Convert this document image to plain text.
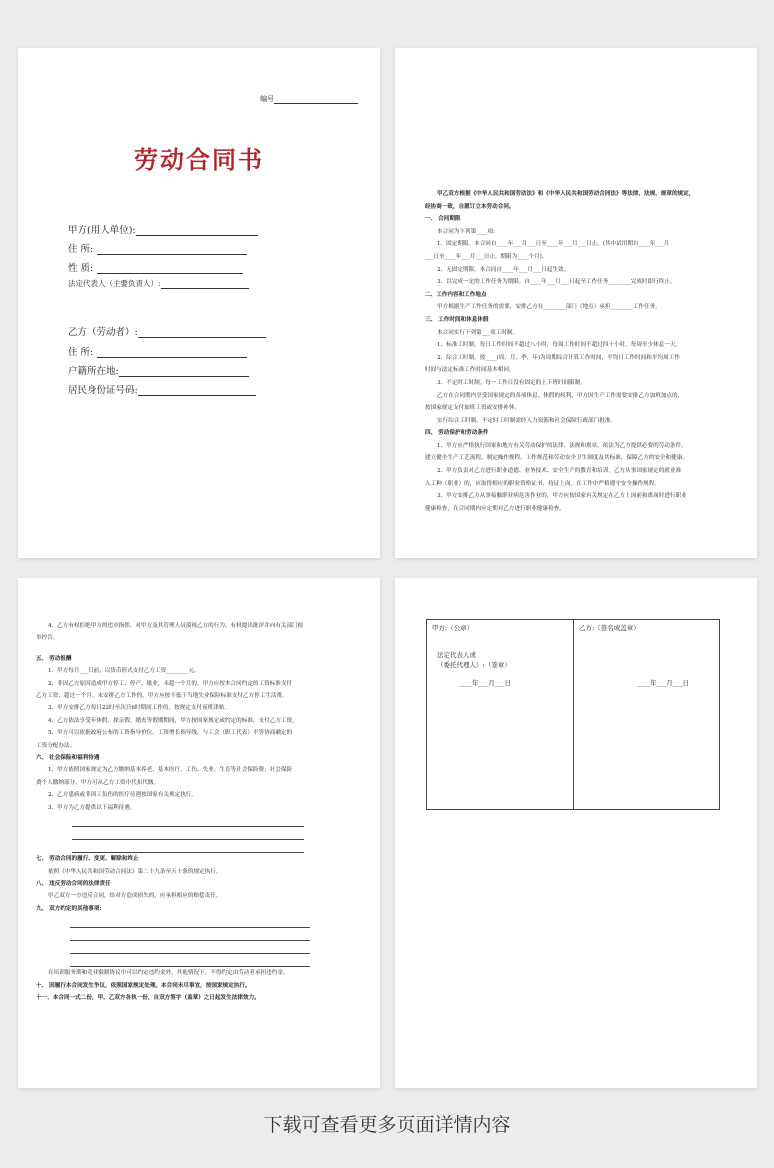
编号
劳动合同书
甲方(用人单位):
住 所:
性 质:
法定代表人（主要负责人）:
乙方（劳动者）:
住 所:
户籍所在地:
居民身份证号码:
甲乙双方根据《中华人民共和国劳动法》和《中华人民共和国劳动合同法》等法律、法规、规章的规定，
经协商一致，自愿订立本劳动合同。
一、 合同期限
本合同为下列第____项:
1、固定期限。本合同自____年___月___日至____年___月___日止。(其中试用期自____年___月
___日至____年___月___日止。期限为____个月)。
2、无固定期限。本合同自____年___月___日起生效。
3、以完成一定的工作任务为期限。自____年___月___日起至工作任务________完成时即行终止。
二、工作内容和工作地点
甲方根据生产工作任务的需要，安排乙方在________部门（地点）承担________工作任务。
三、 工作时间和休息休假
本合同实行下列第___项工时制。
1、标准工时制。每日工作时间不超过八小时，每周工作时间不超过四十小时，每周至少休息一天。
2、综合工时制。按____(周、月、季、年)为周期综合计算工作时间，平均日工作时间和平均周工作
时间与法定标准工作时间基本相同。
3、不定时工时制。每一工作日没有固定的上下班时间限制。
乙方在合同期内享受国家规定的各项休息、休假的权利，甲方因生产工作需要安排乙方加班加点的，
按国家规定支付加班工资或安排补休。
实行综合工时制、不定时工时制需经人力资源和社会保障行政部门批准。
四、 劳动保护和劳动条件
1、甲方应严格执行国家和地方有关劳动保护的法律、法规和规章，依法为乙方提供必要的劳动条件，
建立健全生产工艺流程，制定操作规程、工作规范和劳动安全卫生制度及其标准，保障乙方的安全和健康。
2、甲方负责对乙方进行职业道德、业务技术、安全生产的教育和培训。乙方从事国家规定的就业准
入工种（职业）的，应取得相应的职业资格证书，持证上岗。在工作中严格遵守安全操作规程。
3、甲方安排乙方从事接触职业病危害作业的，甲方应按国家有关规定在乙方上岗前和离岗时进行职业
健康检查，在合同期内应定期对乙方进行职业健康检查。
4、乙方有权拒绝甲方的违章指挥，对甲方及其管理人员漠视乙方的行为，有权提出批评并向有关部门检
举控告。
五、 劳动报酬
1、甲方每月___日前，以货币形式支付乙方工资________元。
2、非因乙方原因造成甲方停工、停产、歇业，未超一个月的，甲方应按本合同约定的工资标准支付
乙方工资；超过一个月，未安排乙方工作的，甲方应按不低于当地失业保险标准支付乙方停工生活费。
3、甲方安排乙方每日22时至次日6时期间工作的，按规定支付夜班津贴。
4、乙方依法享受年休假、探亲假、婚丧等假期期间，甲方按国家规定或约定的标准，支付乙方工资。
5、甲方可以依据政府公布的工资指导价位、工资增长指导线，与工会（职工代表）平等协商确定的
工资分配办法。
六、 社会保险和福利待遇
1、甲方依照国家规定为乙方缴纳基本养老、基本医疗、工伤、失业、生育等社会保险费；社会保险
费个人缴纳部分，甲方可从乙方工资中代扣代缴。
2、乙方患病或非因工负伤的医疗待遇按国家有关规定执行。
3、甲方为乙方提供以下福利待遇。
七、 劳动合同的履行、变更、解除和终止
依照《中华人民共和国劳动合同法》第二十九条至五十条的规定执行。
八、 违反劳动合同的法律责任
甲乙双方一方违反合同，给对方造成损失的，应承担相应的赔偿责任。
九、 双方约定的其他事项:
在培训服务期和竞业限制协议中可以约定违约金外，其他情况下，不得约定由劳动者承担违约金。
十、 因履行本合同发生争议，依照国家规定处理。本合同未尽事宜，按国家规定执行。
十一、本合同一式二份，甲、乙双方各执一份，自双方签字（盖章）之日起发生法律效力。
甲方:（公章）	乙方:（签名或盖章）
法定代表人或
（委托代理人）:（签章）
____年___月___日	____年___月___日
下载可查看更多页面详情内容
